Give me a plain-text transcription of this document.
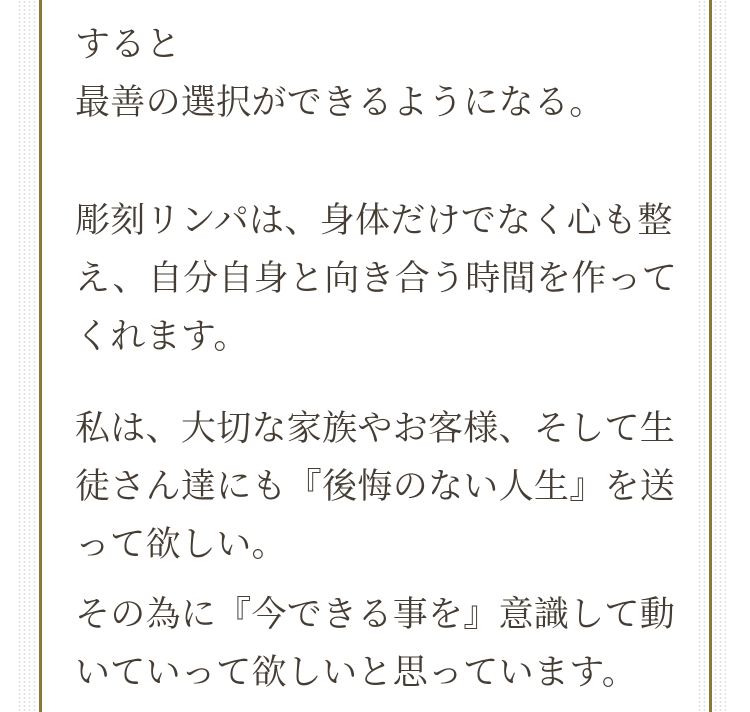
すると
最善の選択ができるようになる。
彫刻リンパは、身体だけでなく心も整
え、自分自身と向き合う時間を作って
くれます。
私は、大切な家族やお客様、そして生
徒さん達にも『後悔のない人生』を送
って欲しい。
その為に『今できる事を』意識して動
いていって欲しいと思っています。
